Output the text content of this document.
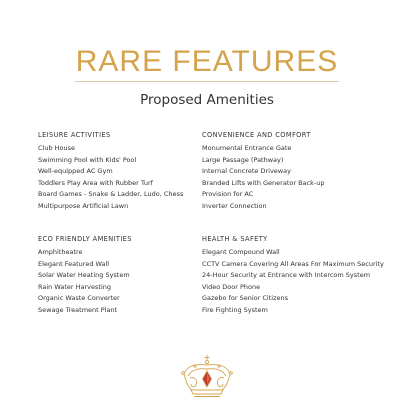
RARE FEATURES
Proposed Amenities
LEISURE ACTIVITIES
Club House
Swimming Pool with Kids' Pool
Well-equipped AC Gym
Toddlers Play Area with Rubber Turf
Board Games - Snake & Ladder, Ludo, Chess
Multipurpose Artificial Lawn
CONVENIENCE AND COMFORT
Monumental Entrance Gate
Large Passage (Pathway)
Internal Concrete Driveway
Branded Lifts with Generator Back-up
Provision for AC
Inverter Connection
ECO FRIENDLY AMENITIES
Amphitheatre
Elegant Featured Wall
Solar Water Heating System
Rain Water Harvesting
Organic Waste Converter
Sewage Treatment Plant
HEALTH & SAFETY
Elegant Compound Wall
CCTV Camera Covering All Areas For Maximum Security
24-Hour Security at Entrance with Intercom System
Video Door Phone
Gazebo for Senior Citizens
Fire Fighting System
